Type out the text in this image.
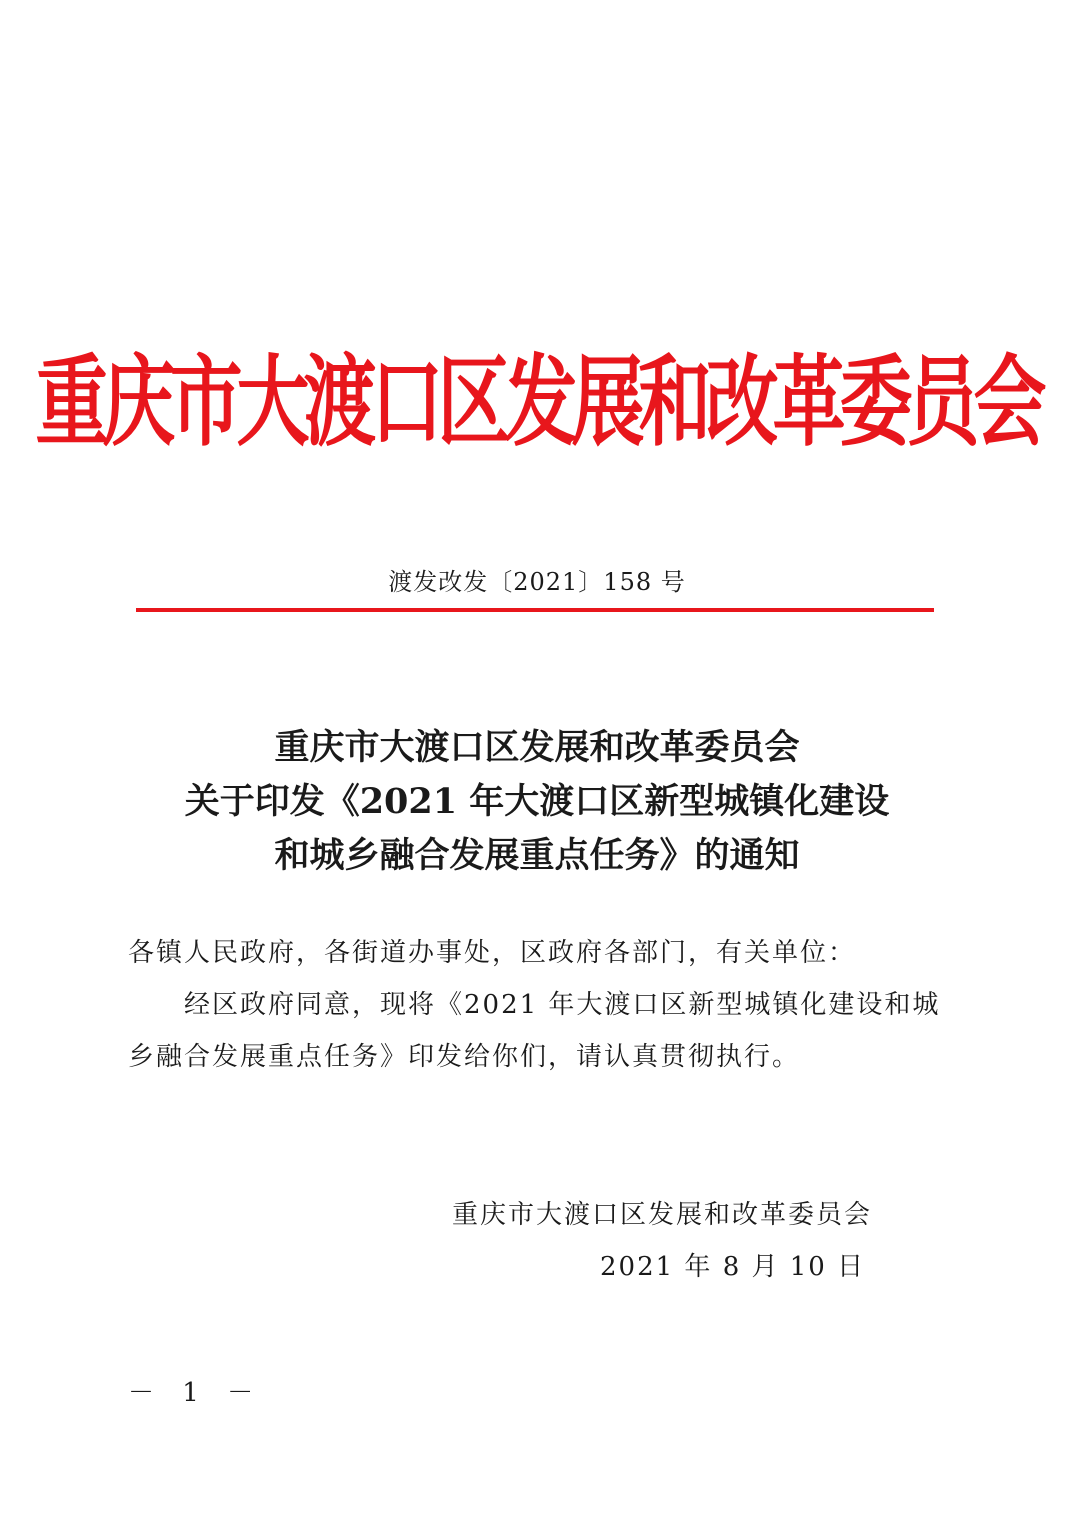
重庆市大渡口区发展和改革委员会
渡发改发〔2021〕158 号
重庆市大渡口区发展和改革委员会
关于印发《2021 年大渡口区新型城镇化建设
和城乡融合发展重点任务》的通知
各镇人民政府，各街道办事处，区政府各部门，有关单位：
经区政府同意，现将《2021 年大渡口区新型城镇化建设和城
乡融合发展重点任务》印发给你们，请认真贯彻执行。
重庆市大渡口区发展和改革委员会
2021 年 8 月 10 日
－ 1 －
